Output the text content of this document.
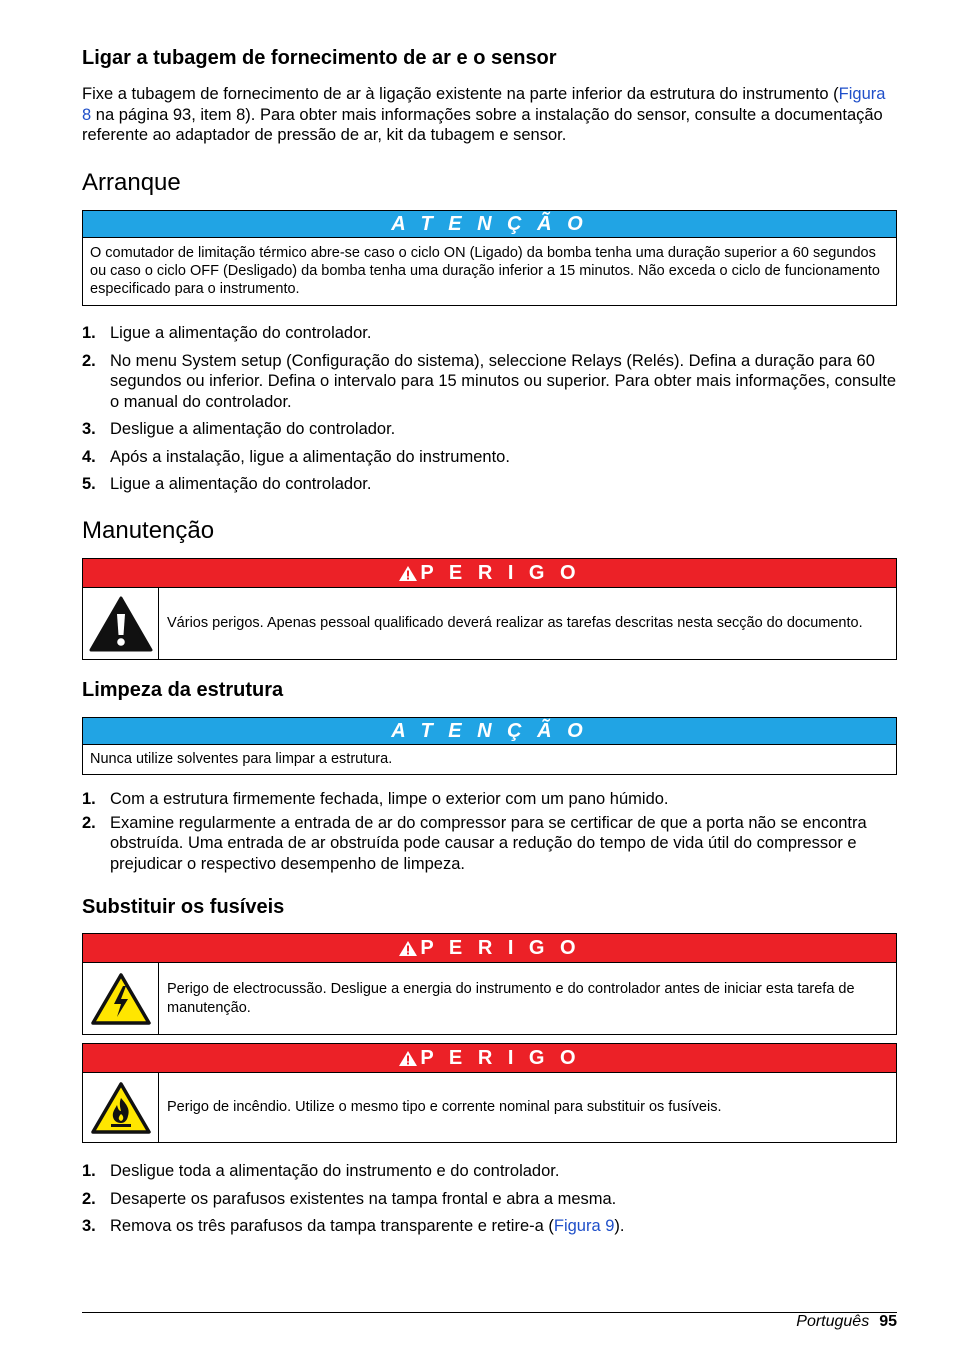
Ligar a tubagem de fornecimento de ar e o sensor

Fixe a tubagem de fornecimento de ar à ligação existente na parte inferior da estrutura do instrumento (Figura 8 na página 93, item 8). Para obter mais informações sobre a instalação do sensor, consulte a documentação referente ao adaptador de pressão de ar, kit da tubagem e sensor.

Arranque
A T E N Ç Ã O
O comutador de limitação térmico abre-se caso o ciclo ON (Ligado) da bomba tenha uma duração superior a 60 segundos ou caso o ciclo OFF (Desligado) da bomba tenha uma duração inferior a 15 minutos. Não exceda o ciclo de funcionamento especificado para o instrumento.
1. Ligue a alimentação do controlador.
2. No menu System setup (Configuração do sistema), seleccione Relays (Relés). Defina a duração para 60 segundos ou inferior. Defina o intervalo para 15 minutos ou superior. Para obter mais informações, consulte o manual do controlador.
3. Desligue a alimentação do controlador.
4. Após a instalação, ligue a alimentação do instrumento.
5. Ligue a alimentação do controlador.
Manutenção
P E R I G O
Vários perigos. Apenas pessoal qualificado deverá realizar as tarefas descritas nesta secção do documento.
Limpeza da estrutura
A T E N Ç Ã O
Nunca utilize solventes para limpar a estrutura.
1. Com a estrutura firmemente fechada, limpe o exterior com um pano húmido.
2. Examine regularmente a entrada de ar do compressor para se certificar de que a porta não se encontra obstruída. Uma entrada de ar obstruída pode causar a redução do tempo de vida útil do compressor e prejudicar o respectivo desempenho de limpeza.
Substituir os fusíveis
P E R I G O
Perigo de electrocussão. Desligue a energia do instrumento e do controlador antes de iniciar esta tarefa de manutenção.
P E R I G O
Perigo de incêndio. Utilize o mesmo tipo e corrente nominal para substituir os fusíveis.
1. Desligue toda a alimentação do instrumento e do controlador.
2. Desaperte os parafusos existentes na tampa frontal e abra a mesma.
3. Remova os três parafusos da tampa transparente e retire-a (Figura 9).
Português 95
